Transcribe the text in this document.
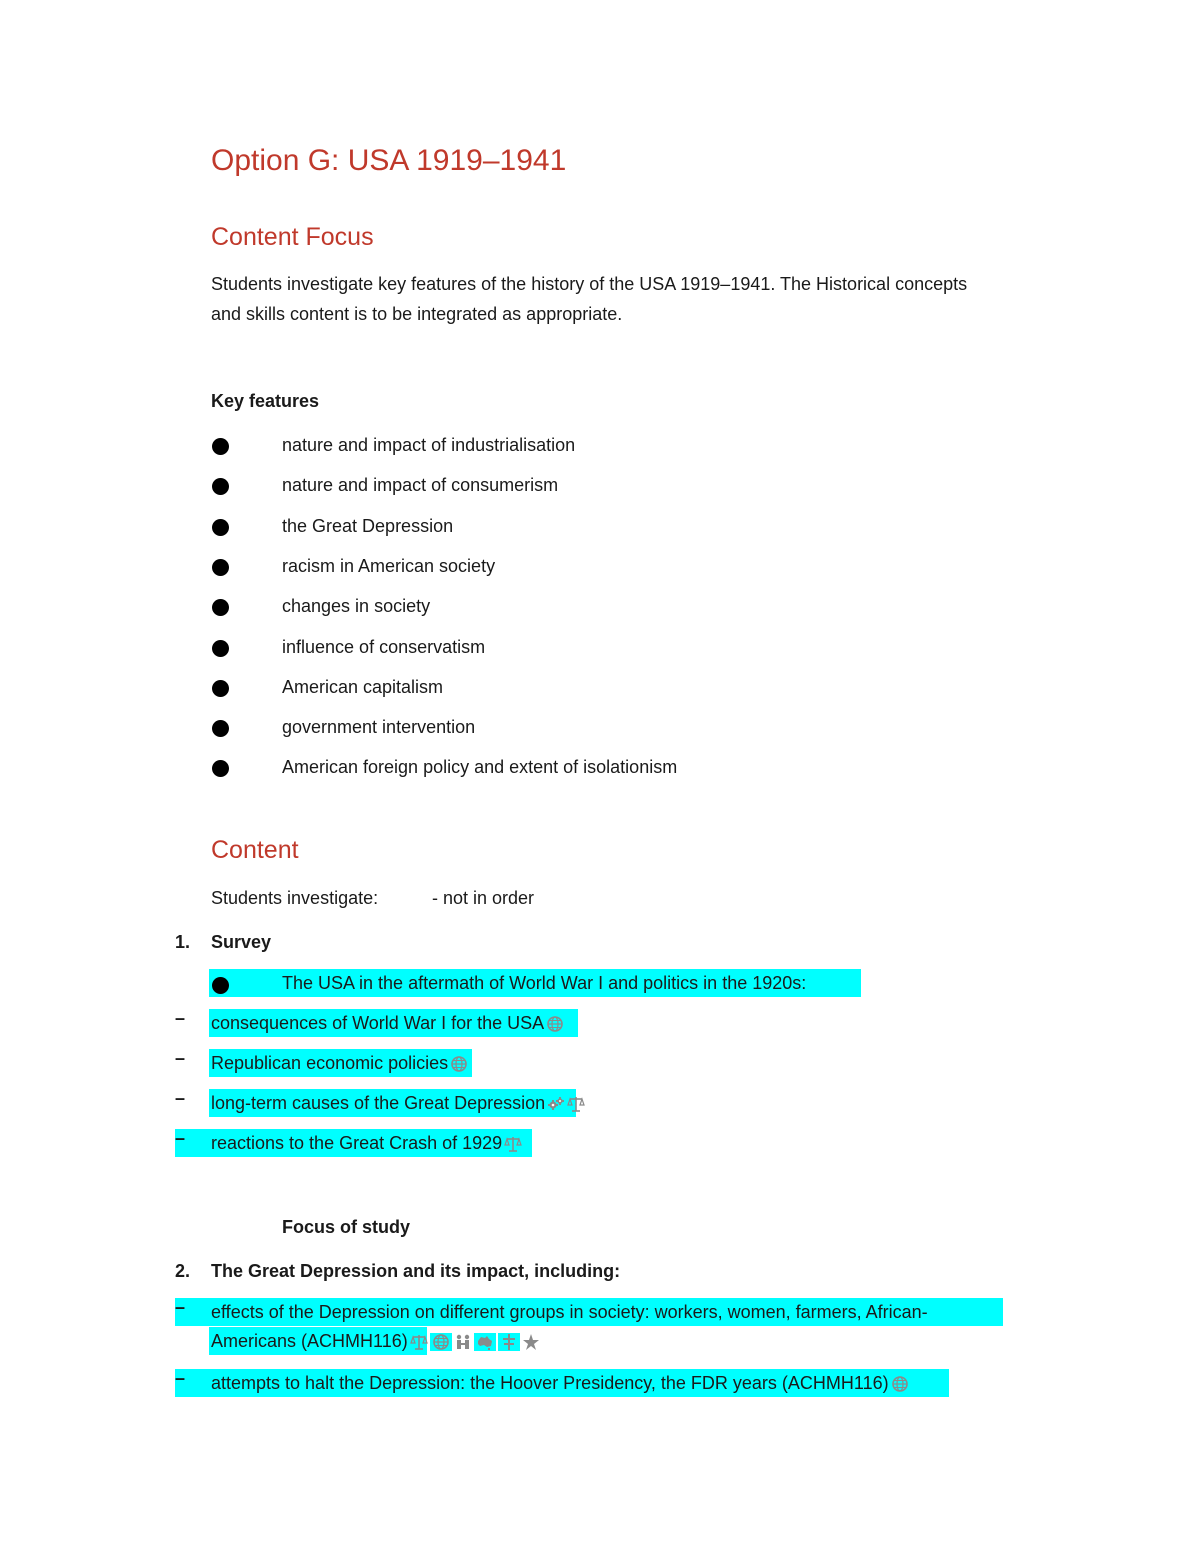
Option G: USA 1919–1941
Content Focus
Students investigate key features of the history of the USA 1919–1941. The Historical concepts
and skills content is to be integrated as appropriate.
Key features
nature and impact of industrialisation
nature and impact of consumerism
the Great Depression
racism in American society
changes in society
influence of conservatism
American capitalism
government intervention
American foreign policy and extent of isolationism
Content
Students investigate:	- not in order
1. Survey
The USA in the aftermath of World War I and politics in the 1920s:
– consequences of World War I for the USA
– Republican economic policies
– long-term causes of the Great Depression
– reactions to the Great Crash of 1929
Focus of study
2. The Great Depression and its impact, including:
– effects of the Depression on different groups in society: workers, women, farmers, African-
Americans (ACHMH116)
– attempts to halt the Depression: the Hoover Presidency, the FDR years (ACHMH116)
